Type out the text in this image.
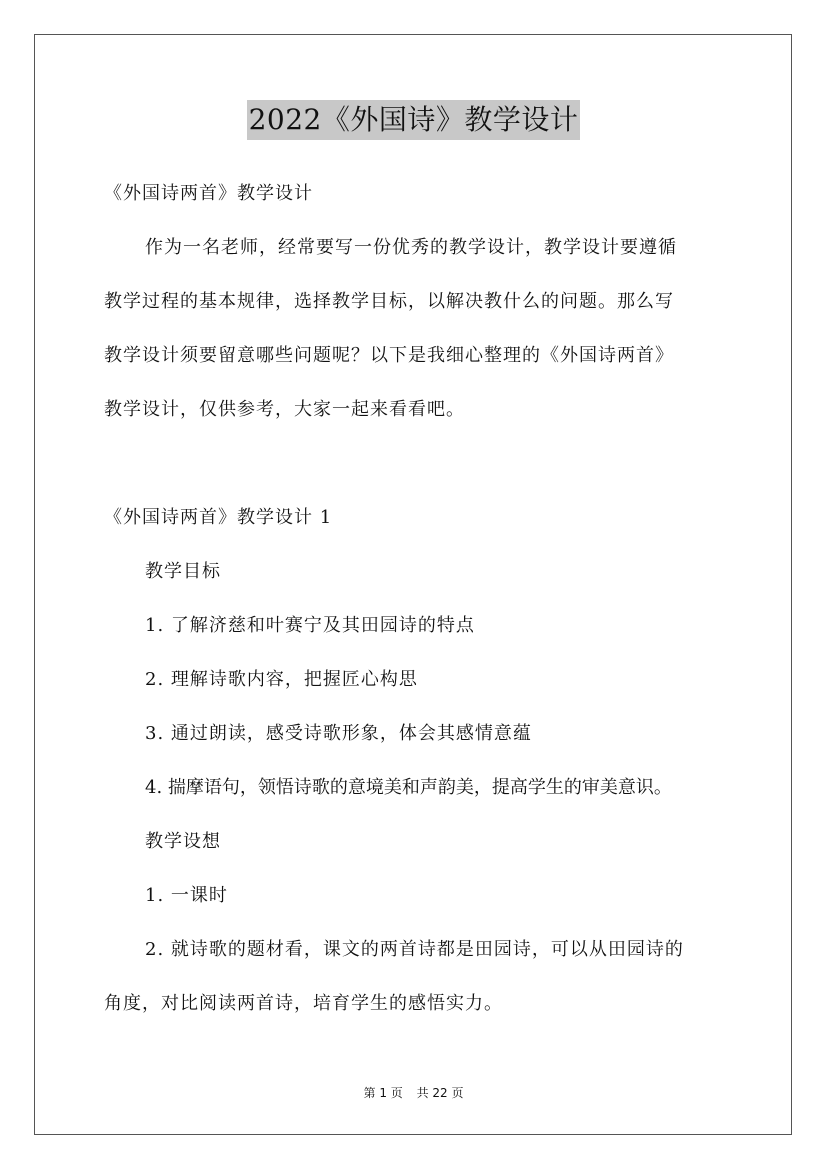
2022《外国诗》教学设计
《外国诗两首》教学设计
作为一名老师，经常要写一份优秀的教学设计，教学设计要遵循
教学过程的基本规律，选择教学目标，以解决教什么的问题。那么写
教学设计须要留意哪些问题呢？以下是我细心整理的《外国诗两首》
教学设计，仅供参考，大家一起来看看吧。
《外国诗两首》教学设计 1
教学目标
1. 了解济慈和叶赛宁及其田园诗的特点
2. 理解诗歌内容，把握匠心构思
3. 通过朗读，感受诗歌形象，体会其感情意蕴
4. 揣摩语句，领悟诗歌的意境美和声韵美，提高学生的审美意识。
教学设想
1. 一课时
2. 就诗歌的题材看，课文的两首诗都是田园诗，可以从田园诗的
角度，对比阅读两首诗，培育学生的感悟实力。
第 1 页 共 22 页
